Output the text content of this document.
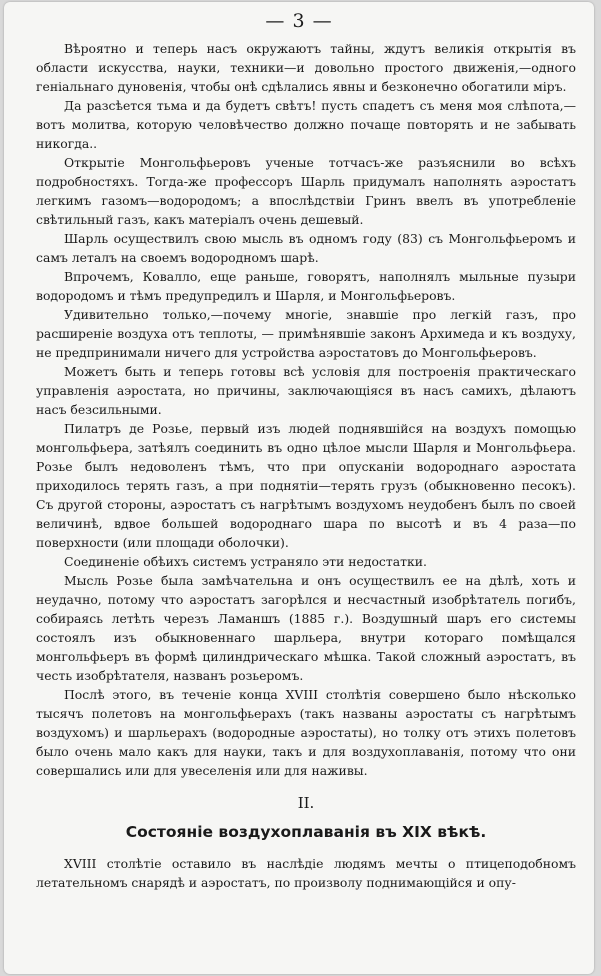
— 3 —

Вѣроятно и теперь насъ окружаютъ тайны, ждутъ великія открытія въ области искусства, науки, техники—и довольно простого движенія,—одного геніальнаго дуновенія, чтобы онѣ сдѣлались явны и безконечно обогатили міръ.

Да разсѣется тьма и да будетъ свѣтъ! пусть спадетъ съ меня моя слѣпота,—вотъ молитва, которую человѣчество должно почаще повторять и не забывать никогда..

Открытіе Монгольфьеровъ ученые тотчасъ-же разъяснили во всѣхъ подробностяхъ. Тогда-же профессоръ Шарль придумалъ наполнять аэростатъ легкимъ газомъ—водородомъ; а впослѣдствіи Гринъ ввелъ въ употребленіе свѣтильный газъ, какъ матеріалъ очень дешевый.

Шарль осуществилъ свою мысль въ одномъ году (83) съ Монгольфьеромъ и самъ леталъ на своемъ водородномъ шарѣ.

Впрочемъ, Ковалло, еще раньше, говорятъ, наполнялъ мыльные пузыри водородомъ и тѣмъ предупредилъ и Шарля, и Монгольфьеровъ.

Удивительно только,—почему многіе, знавшіе про легкій газъ, про расширеніе воздуха отъ теплоты, — примѣнявшіе законъ Архимеда и къ воздуху, не предпринимали ничего для устройства аэростатовъ до Монгольфьеровъ.

Можетъ быть и теперь готовы всѣ условія для построенія практическаго управленія аэростата, но причины, заключающіяся въ насъ самихъ, дѣлаютъ насъ безсильными.

Пилатръ де Розье, первый изъ людей поднявшійся на воздухъ помощью монгольфьера, затѣялъ соединить въ одно цѣлое мысли Шарля и Монгольфьера. Розье былъ недоволенъ тѣмъ, что при опусканіи водороднаго аэростата приходилось терять газъ, а при поднятіи—терять грузъ (обыкновенно песокъ). Съ другой стороны, аэростатъ съ нагрѣтымъ воздухомъ неудобенъ былъ по своей величинѣ, вдвое большей водороднаго шара по высотѣ и въ 4 раза—по поверхности (или площади оболочки).

Соединеніе обѣихъ системъ устраняло эти недостатки.

Мысль Розье была замѣчательна и онъ осуществилъ ее на дѣлѣ, хоть и неудачно, потому что аэростатъ загорѣлся и несчастный изобрѣтатель погибъ, собираясь летѣть черезъ Ламаншъ (1885 г.). Воздушный шаръ его системы состоялъ изъ обыкновеннаго шарльера, внутри котораго помѣщался монгольфьеръ въ формѣ цилиндрическаго мѣшка. Такой сложный аэростатъ, въ честь изобрѣтателя, названъ розьеромъ.

Послѣ этого, въ теченіе конца XVIII столѣтія совершено было нѣсколько тысячъ полетовъ на монгольфьерахъ (такъ названы аэростаты съ нагрѣтымъ воздухомъ) и шарльерахъ (водородные аэростаты), но толку отъ этихъ полетовъ было очень мало какъ для науки, такъ и для воздухоплаванія, потому что они совершались или для увеселенія или для наживы.

II.
Состояніе воздухоплаванія въ XIX вѣкѣ.

XVIII столѣтіе оставило въ наслѣдіе людямъ мечты о птицеподобномъ летательномъ снарядѣ и аэростатъ, по произволу поднимающійся и опу-
